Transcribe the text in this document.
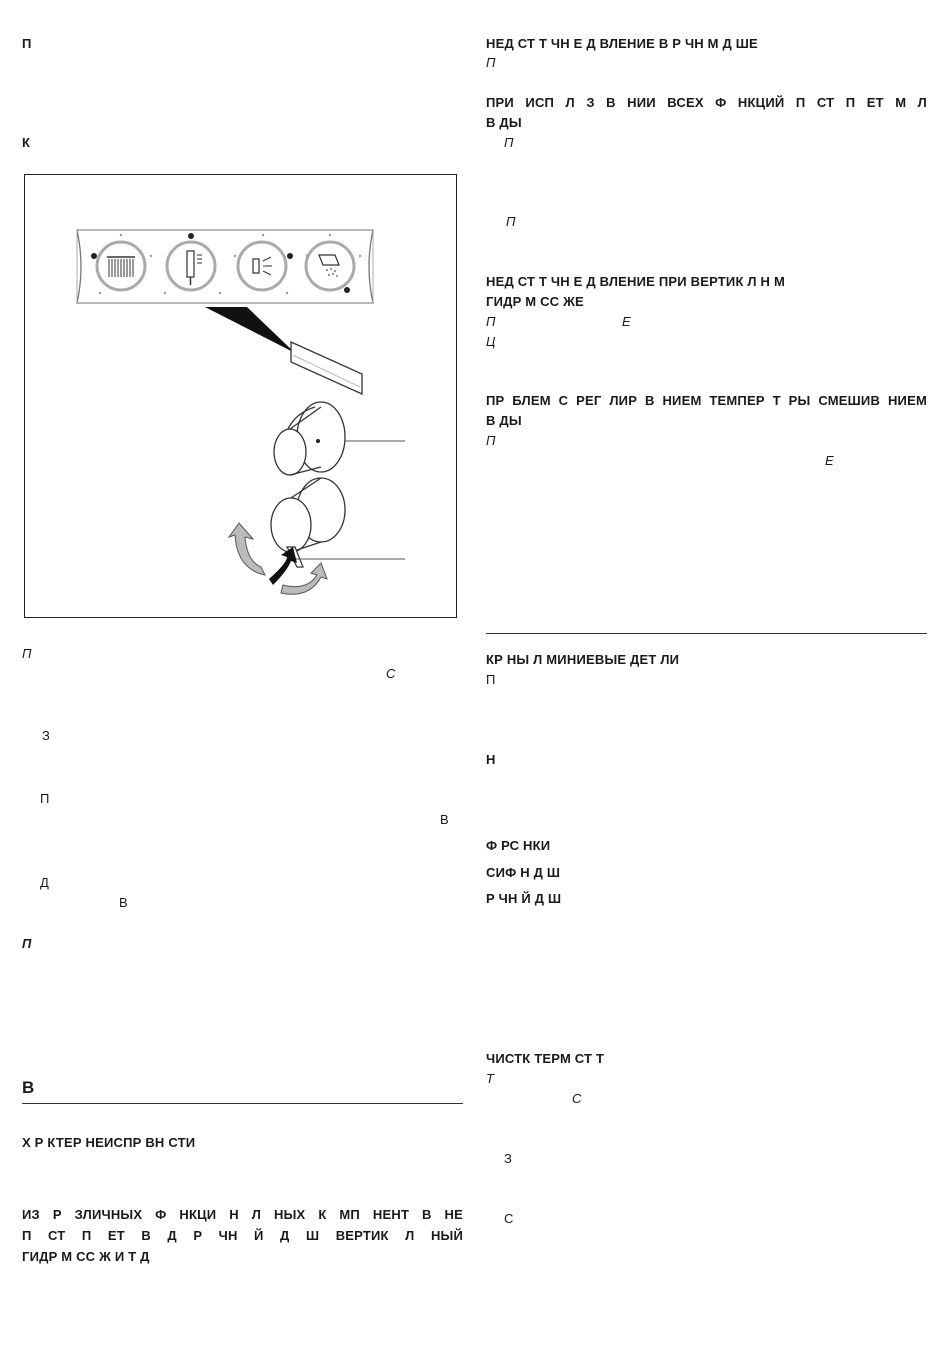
П

К

П

С

З

П

В

Д

В

П

В

Х Р КТЕР НЕИСПР ВН СТИ

ИЗ Р ЗЛИЧНЫХ Ф НКЦИ Н Л НЫХ К МП НЕНТ В НЕ

П СТ П ЕТ В Д Р ЧН Й Д Ш ВЕРТИК Л НЫЙ

ГИДР М СС Ж И Т Д

НЕД СТ Т ЧН Е Д ВЛЕНИЕ В Р ЧН М Д ШЕ

П

ПРИ ИСП Л З В НИИ ВСЕХ Ф НКЦИЙ П СТ П ЕТ М Л

В ДЫ

П

П

НЕД СТ Т ЧН Е Д ВЛЕНИЕ ПРИ ВЕРТИК Л Н М

ГИДР М СС ЖЕ

П	Е

Ц

ПР БЛЕМ С РЕГ ЛИР В НИЕМ ТЕМПЕР Т РЫ СМЕШИВ НИЕМ

В ДЫ

П

Е

КР НЫ Л МИНИЕВЫЕ ДЕТ ЛИ

П

Н

Ф РС НКИ

СИФ Н Д Ш

Р ЧН Й Д Ш

ЧИСТК ТЕРМ СТ Т

Т

С

З

С
